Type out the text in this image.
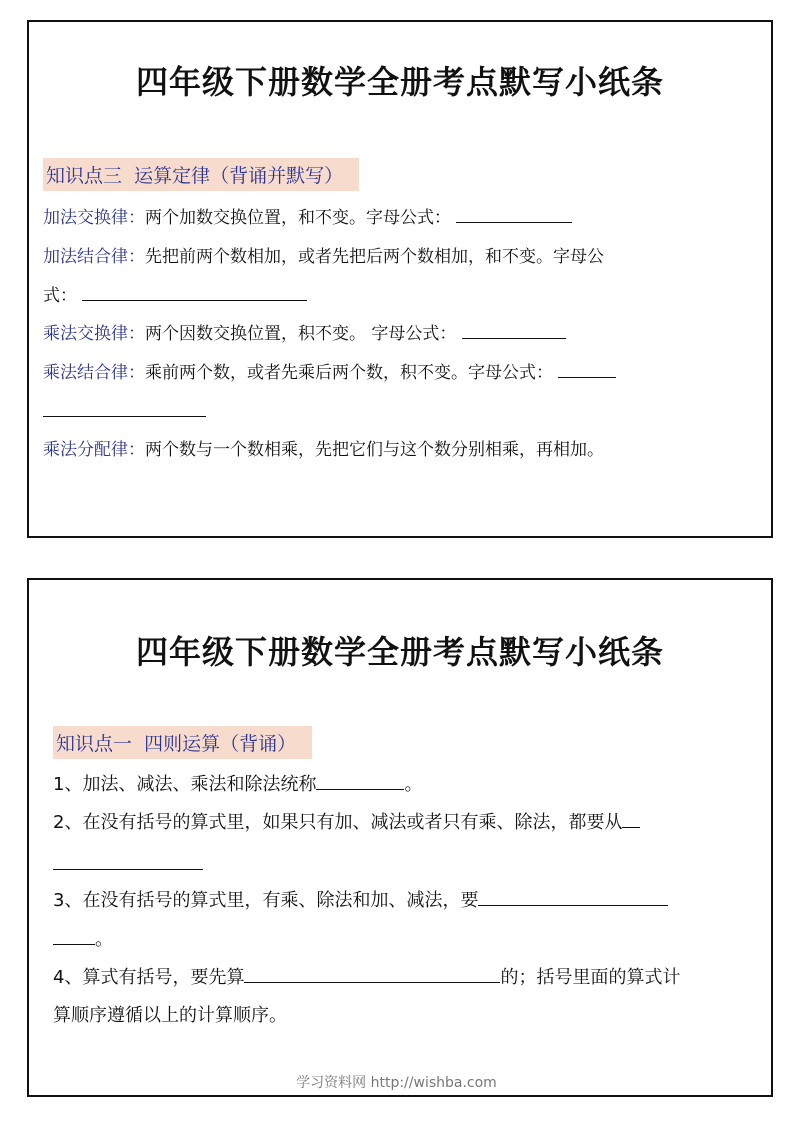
四年级下册数学全册考点默写小纸条
知识点三  运算定律（背诵并默写）
加法交换律：两个加数交换位置，和不变。字母公式：
加法结合律：先把前两个数相加，或者先把后两个数相加，和不变。字母公
式：
乘法交换律：两个因数交换位置，积不变。 字母公式：
乘法结合律：乘前两个数，或者先乘后两个数，积不变。字母公式：
乘法分配律：两个数与一个数相乘，先把它们与这个数分别相乘，再相加。
四年级下册数学全册考点默写小纸条
知识点一  四则运算（背诵）
1、加法、减法、乘法和除法统称	。
2、在没有括号的算式里，如果只有加、减法或者只有乘、除法，都要从
3、在没有括号的算式里，有乘、除法和加、减法，要
。
4、算式有括号，要先算	的；括号里面的算式计
算顺序遵循以上的计算顺序。
学习资料网 http://wishba.com
